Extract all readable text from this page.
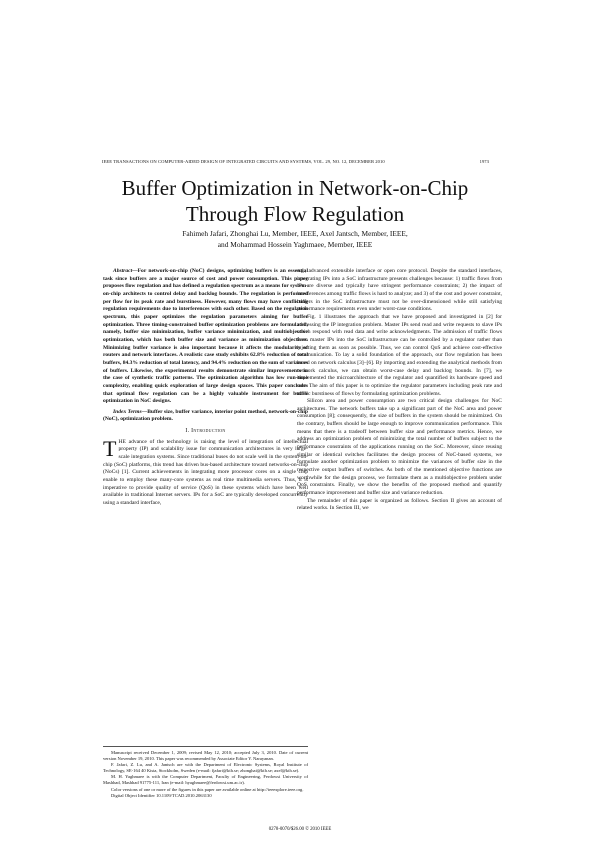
IEEE TRANSACTIONS ON COMPUTER-AIDED DESIGN OF INTEGRATED CIRCUITS AND SYSTEMS, VOL. 29, NO. 12, DECEMBER 2010	1973
Buffer Optimization in Network-on-Chip Through Flow Regulation
Fahimeh Jafari, Zhonghai Lu, Member, IEEE, Axel Jantsch, Member, IEEE,
and Mohammad Hossein Yaghmaee, Member, IEEE

Abstract—For network-on-chip (NoC) designs, optimizing buffers is an essential task since buffers are a major source of cost and power consumption. This paper proposes flow regulation and has defined a regulation spectrum as a means for system-on-chip architects to control delay and backlog bounds. The regulation is performed per flow for its peak rate and burstiness. However, many flows may have conflicting regulation requirements due to interferences with each other. Based on the regulation spectrum, this paper optimizes the regulation parameters aiming for buffer optimization. Three timing-constrained buffer optimization problems are formulated, namely, buffer size minimization, buffer variance minimization, and multiobjective optimization, which has both buffer size and variance as minimization objectives. Minimizing buffer variance is also important because it affects the modularity of routers and network interfaces. A realistic case study exhibits 62.8% reduction of total buffers, 84.3% reduction of total latency, and 94.4% reduction on the sum of variances of buffers. Likewise, the experimental results demonstrate similar improvements in the case of synthetic traffic patterns. The optimization algorithm has low run-time complexity, enabling quick exploration of large design spaces. This paper concludes that optimal flow regulation can be a highly valuable instrument for buffer optimization in NoC designs.

Index Terms—Buffer size, buffer variance, interior point method, network-on-chip (NoC), optimization problem.

I. Introduction

THE advance of the technology is raising the level of integration of intellectual property (IP) and scalability issue for communication architectures in very large-scale integration systems. Since traditional buses do not scale well in the system-on-chip (SoC) platforms, this trend has driven bus-based architecture toward networks-on-chip (NoCs) [1]. Current achievements in integrating more processor cores on a single chip enable to employ these many-core systems as real time multimedia servers. Thus, it is imperative to provide quality of service (QoS) in these systems which have been well available in traditional Internet servers. IPs for a SoC are typically developed concurrently using a standard interface,

Manuscript received December 1, 2009; revised May 12, 2010; accepted July 3, 2010. Date of current version November 19, 2010. This paper was recommended by Associate Editor Y. Narayanan.

F. Jafari, Z. Lu, and A. Jantsch are with the Department of Electronic Systems, Royal Institute of Technology, SE-164 40 Kista, Stockholm, Sweden (e-mail: fjafari@kth.se; zhonghai@kth.se; axel@kth.se).

M. H. Yaghmaee is with the Computer Department, Faculty of Engineering, Ferdowsi University of Mashhad, Mashhad 91775-111, Iran (e-mail: hyaghmaee@ferdowsi.um.ac.ir).

Color versions of one or more of the figures in this paper are available online at http://ieeexplore.ieee.org.

Digital Object Identifier 10.1109/TCAD.2010.2063130

e.g., advanced extensible interface or open core protocol. Despite the standard interfaces, integrating IPs into a SoC infrastructure presents challenges because: 1) traffic flows from IPs are diverse and typically have stringent performance constraints; 2) the impact of interferences among traffic flows is hard to analyze; and 3) of the cost and power constraint, buffers in the SoC infrastructure must not be over-dimensioned while still satisfying performance requirements even under worst-case conditions.

Fig. 1 illustrates the approach that we have proposed and investigated in [2] for addressing the IP integration problem. Master IPs send read and write requests to slave IPs which respond with read data and write acknowledgments. The admission of traffic flows from master IPs into the SoC infrastructure can be controlled by a regulator rather than injecting them as soon as possible. Thus, we can control QoS and achieve cost-effective communication. To lay a solid foundation of the approach, our flow regulation has been based on network calculus [3]–[6]. By importing and extending the analytical methods from network calculus, we can obtain worst-case delay and backlog bounds. In [7], we implemented the microarchitecture of the regulator and quantified its hardware speed and cost. The aim of this paper is to optimize the regulator parameters including peak rate and traffic burstiness of flows by formulating optimization problems.

Silicon area and power consumption are two critical design challenges for NoC architectures. The network buffers take up a significant part of the NoC area and power consumption [8]; consequently, the size of buffers in the system should be minimized. On the contrary, buffers should be large enough to improve communication performance. This means that there is a tradeoff between buffer size and performance metrics. Hence, we address an optimization problem of minimizing the total number of buffers subject to the performance constraints of the applications running on the SoC. Moreover, since reusing similar or identical switches facilitates the design process of NoC-based systems, we formulate another optimization problem to minimize the variances of buffer size in the respective output buffers of switches. As both of the mentioned objective functions are worthwhile for the design process, we formulate them as a multiobjective problem under QoS constraints. Finally, we show the benefits of the proposed method and quantify performance improvement and buffer size and variance reduction.

The remainder of this paper is organized as follows. Section II gives an account of related works. In Section III, we

0278-0070/$26.00 © 2010 IEEE
